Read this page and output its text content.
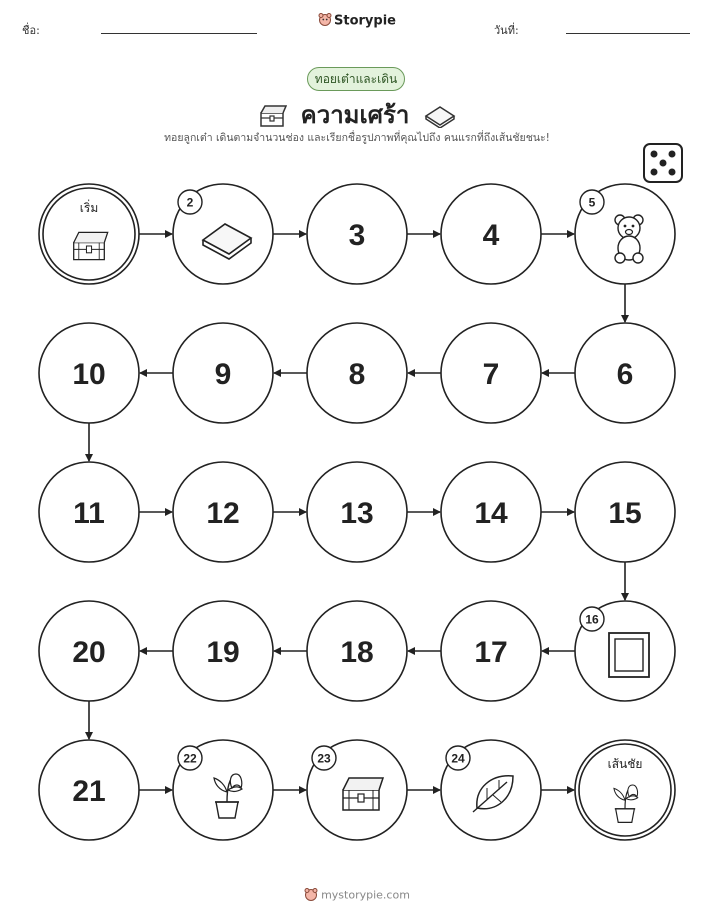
ชื่อ:
Storypie
วันที่:
ทอยเต๋าและเดิน
ความเศร้า
ทอยลูกเต๋า เดินตามจำนวนช่อง และเรียกชื่อรูปภาพที่คุณไปถึง คนแรกที่ถึงเส้นชัยชนะ!
เริ่ม	2
3	4
5
6
7
8
9
10
11	12	13	14	15
16
17
18
19
20
21
22	23	24	เส้นชัย
mystorypie.com
